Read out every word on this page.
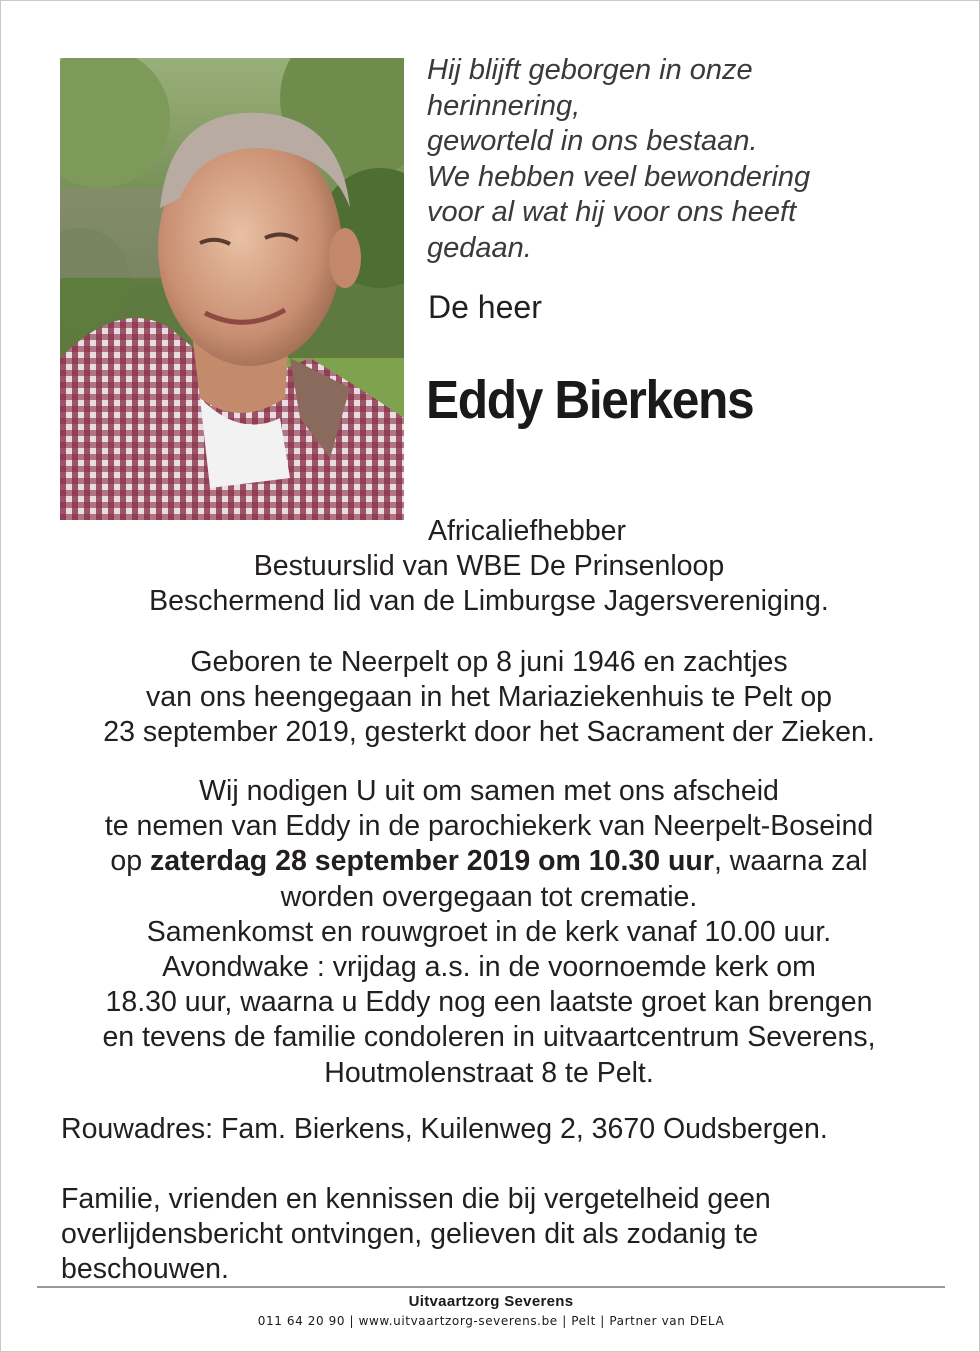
Hij blijft geborgen in onze
herinnering,
geworteld in ons bestaan.
We hebben veel bewondering
voor al wat hij voor ons heeft
gedaan.
De heer
Eddy Bierkens
Africaliefhebber
Bestuurslid van WBE De Prinsenloop
Beschermend lid van de Limburgse Jagersvereniging.
Geboren te Neerpelt op 8 juni 1946 en zachtjes
van ons heengegaan in het Mariaziekenhuis te Pelt op
23 september 2019, gesterkt door het Sacrament der Zieken.
Wij nodigen U uit om samen met ons afscheid
te nemen van Eddy in de parochiekerk van Neerpelt-Boseind
op zaterdag 28 september 2019 om 10.30 uur, waarna zal
worden overgegaan tot crematie.
Samenkomst en rouwgroet in de kerk vanaf 10.00 uur.
Avondwake : vrijdag a.s. in de voornoemde kerk om
18.30 uur, waarna u Eddy nog een laatste groet kan brengen
en tevens de familie condoleren in uitvaartcentrum Severens,
Houtmolenstraat 8 te Pelt.
Rouwadres: Fam. Bierkens, Kuilenweg 2, 3670 Oudsbergen.
Familie, vrienden en kennissen die bij vergetelheid geen
overlijdensbericht ontvingen, gelieven dit als zodanig te
beschouwen.
Uitvaartzorg Severens
011 64 20 90 | www.uitvaartzorg-severens.be | Pelt | Partner van DELA
